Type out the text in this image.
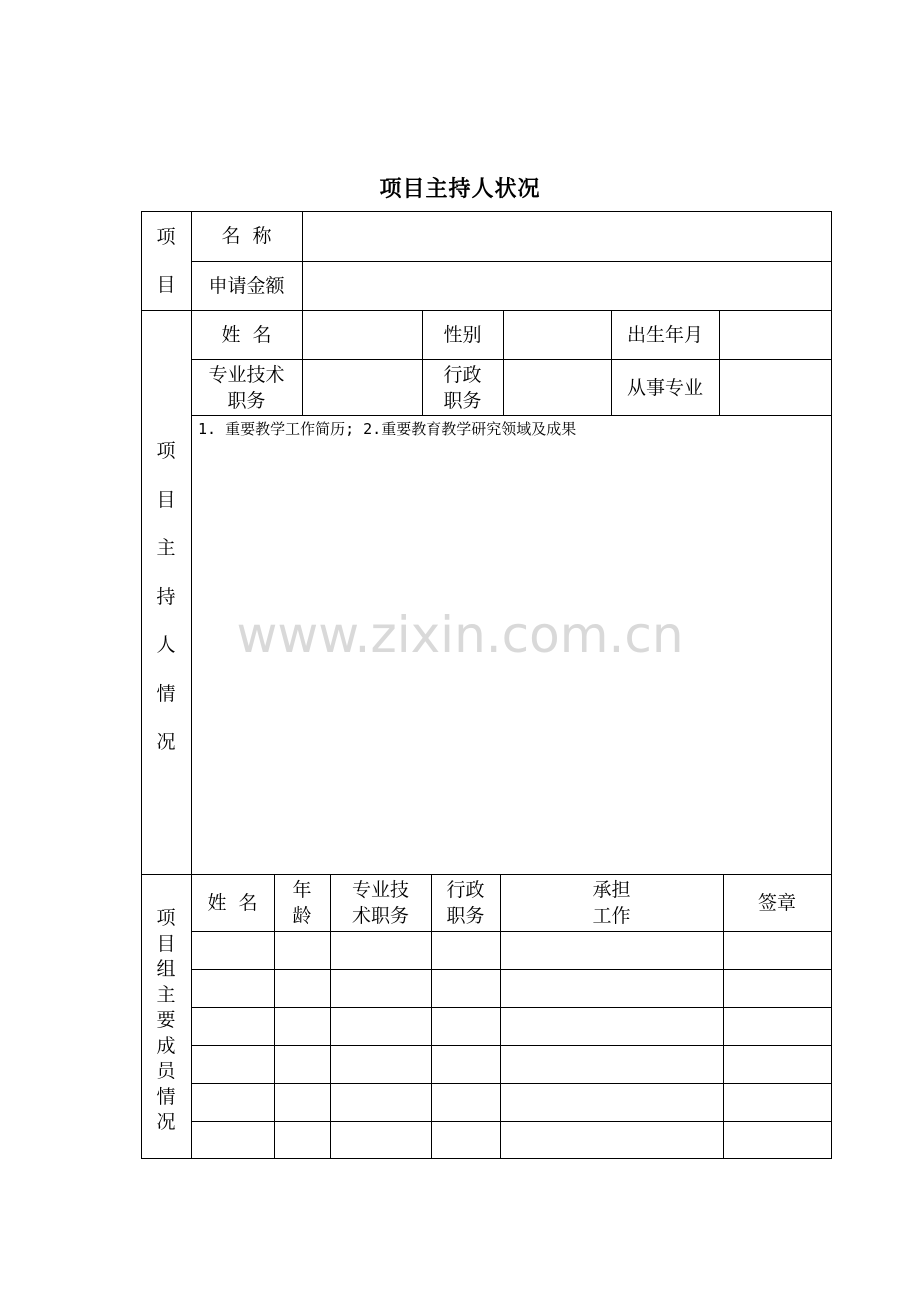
项目主持人状况
项
目
名  称
申请金额
项
目
主
持
人
情
况
姓  名	性别	出生年月
专业技术
职务
行政
职务
从事专业
1. 重要教学工作简历; 2.重要教育教学研究领域及成果
项
目
组
主
要
成
员
情
况
姓  名
年
龄
专业技
术职务
行政
职务
承担
工作
签章
www.zixin.com.cn
